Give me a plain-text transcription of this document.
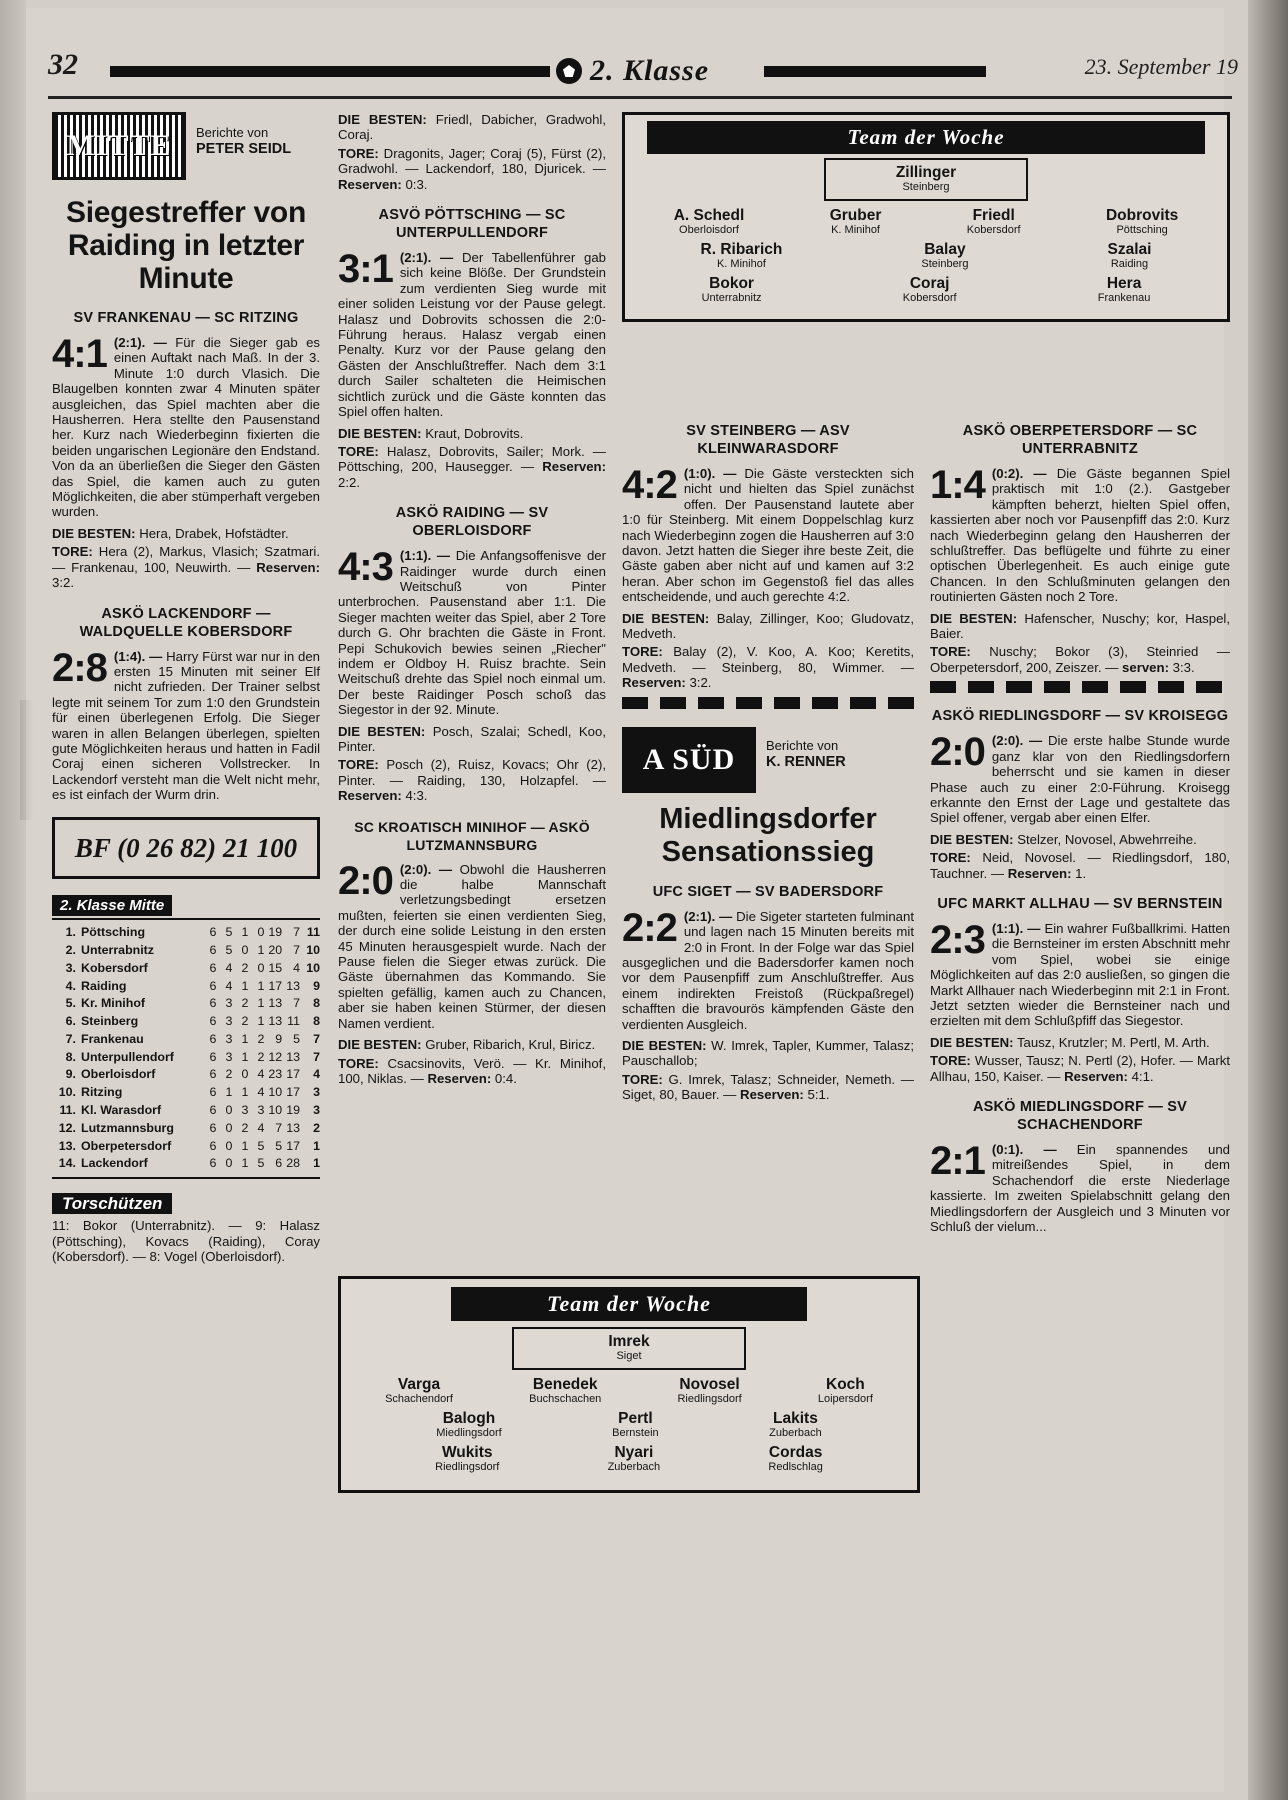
32	2. Klasse	23. September 19
MITTE Berichte von
PETER SEIDL
Siegestreffer von Raiding in letzter Minute
SV FRANKENAU — SC RITZING

4:1 (2:1). — Für die Sieger gab es einen Auftakt nach Maß. In der 3. Minute 1:0 durch Vlasich. Die Blaugelben konnten zwar 4 Minuten später ausgleichen, das Spiel machten aber die Hausherren. Hera stellte den Pausenstand her. Kurz nach Wiederbeginn fixierten die beiden ungarischen Legionäre den Endstand. Von da an überließen die Sieger den Gästen das Spiel, die kamen auch zu guten Möglichkeiten, die aber stümperhaft vergeben wurden.

DIE BESTEN: Hera, Drabek, Hofstädter.

TORE: Hera (2), Markus, Vlasich; Szatmari. — Frankenau, 100, Neuwirth. — Reserven: 3:2.

ASKÖ LACKENDORF — WALDQUELLE KOBERSDORF

2:8 (1:4). — Harry Fürst war nur in den ersten 15 Minuten mit seiner Elf nicht zufrieden. Der Trainer selbst legte mit seinem Tor zum 1:0 den Grundstein für einen überlegenen Erfolg. Die Sieger waren in allen Belangen überlegen, spielten gute Möglichkeiten heraus und hatten in Fadil Coraj einen sicheren Vollstrecker. In Lackendorf versteht man die Welt nicht mehr, es ist einfach der Wurm drin.

BF (0 26 82) 21 100
2. Klasse Mitte
1.	Pöttsching	6	5	1	0	19	7	11
2.	Unterrabnitz	6	5	0	1	20	7	10
3.	Kobersdorf	6	4	2	0	15	4	10
4.	Raiding	6	4	1	1	17	13	9
5.	Kr. Minihof	6	3	2	1	13	7	8
6.	Steinberg	6	3	2	1	13	11	8
7.	Frankenau	6	3	1	2	9	5	7
8.	Unterpullendorf	6	3	1	2	12	13	7
9.	Oberloisdorf	6	2	0	4	23	17	4
10.	Ritzing	6	1	1	4	10	17	3
11.	Kl. Warasdorf	6	0	3	3	10	19	3
12.	Lutzmannsburg	6	0	2	4	7	13	2
13.	Oberpetersdorf	6	0	1	5	5	17	1
14.	Lackendorf	6	0	1	5	6	28	1
Torschützen

11: Bokor (Unterrabnitz). — 9: Halasz (Pöttsching), Kovacs (Raiding), Coray (Kobersdorf). — 8: Vogel (Oberloisdorf).

DIE BESTEN: Friedl, Dabicher, Gradwohl, Coraj.

TORE: Dragonits, Jager; Coraj (5), Fürst (2), Gradwohl. — Lackendorf, 180, Djuricek. — Reserven: 0:3.

ASVÖ PÖTTSCHING — SC UNTERPULLENDORF

3:1 (2:1). — Der Tabellenführer gab sich keine Blöße. Der Grundstein zum verdienten Sieg wurde mit einer soliden Leistung vor der Pause gelegt. Halasz und Dobrovits schossen die 2:0-Führung heraus. Halasz vergab einen Penalty. Kurz vor der Pause gelang den Gästen der Anschlußtreffer. Nach dem 3:1 durch Sailer schalteten die Heimischen sichtlich zurück und die Gäste konnten das Spiel offen halten.

DIE BESTEN: Kraut, Dobrovits.

TORE: Halasz, Dobrovits, Sailer; Mork. — Pöttsching, 200, Hausegger. — Reserven: 2:2.

ASKÖ RAIDING — SV OBERLOISDORF

4:3 (1:1). — Die Anfangsoffenisve der Raidinger wurde durch einen Weitschuß von Pinter unterbrochen. Pausenstand aber 1:1. Die Sieger machten weiter das Spiel, aber 2 Tore durch G. Ohr brachten die Gäste in Front. Pepi Schukovich bewies seinen „Riecher" indem er Oldboy H. Ruisz brachte. Sein Weitschuß drehte das Spiel noch einmal um. Der beste Raidinger Posch schoß das Siegestor in der 92. Minute.

DIE BESTEN: Posch, Szalai; Schedl, Koo, Pinter.

TORE: Posch (2), Ruisz, Kovacs; Ohr (2), Pinter. — Raiding, 130, Holzapfel. — Reserven: 4:3.

SC KROATISCH MINIHOF — ASKÖ LUTZMANNSBURG

2:0 (2:0). — Obwohl die Hausherren die halbe Mannschaft verletzungsbedingt ersetzen mußten, feierten sie einen verdienten Sieg, der durch eine solide Leistung in den ersten 45 Minuten herausgespielt wurde. Nach der Pause fielen die Sieger etwas zurück. Die Gäste übernahmen das Kommando. Sie spielten gefällig, kamen auch zu Chancen, aber sie haben keinen Stürmer, der diesen Namen verdient.

DIE BESTEN: Gruber, Ribarich, Krul, Biricz.

TORE: Csacsinovits, Verö. — Kr. Minihof, 100, Niklas. — Reserven: 0:4.

Team der Woche
Zillinger
Steinberg
A. Schedl
Oberloisdorf
Gruber
K. Minihof
Friedl
Kobersdorf
Dobrovits
Pöttsching
R. Ribarich
K. Minihof
Balay
Steinberg
Szalai
Raiding
Bokor
Unterrabnitz
Coraj
Kobersdorf
Hera
Frankenau
SV STEINBERG — ASV KLEINWARASDORF

4:2 (1:0). — Die Gäste versteckten sich nicht und hielten das Spiel zunächst offen. Der Pausenstand lautete aber 1:0 für Steinberg. Mit einem Doppelschlag kurz nach Wiederbeginn zogen die Hausherren auf 3:0 davon. Jetzt hatten die Sieger ihre beste Zeit, die Gäste gaben aber nicht auf und kamen auf 3:2 heran. Aber schon im Gegenstoß fiel das alles entscheidende, und auch gerechte 4:2.

DIE BESTEN: Balay, Zillinger, Koo; Gludovatz, Medveth.

TORE: Balay (2), V. Koo, A. Koo; Keretits, Medveth. — Steinberg, 80, Wimmer. — Reserven: 3:2.

A SÜD Berichte von
K. RENNER
Miedlingsdorfer Sensationssieg
UFC SIGET — SV BADERSDORF

2:2 (2:1). — Die Sigeter starteten fulminant und lagen nach 15 Minuten bereits mit 2:0 in Front. In der Folge war das Spiel ausgeglichen und die Badersdorfer kamen noch vor dem Pausenpfiff zum Anschlußtreffer. Aus einem indirekten Freistoß (Rückpaßregel) schafften die bravourös kämpfenden Gäste den verdienten Ausgleich.

DIE BESTEN: W. Imrek, Tapler, Kummer, Talasz; Pauschallob;

TORE: G. Imrek, Talasz; Schneider, Nemeth. — Siget, 80, Bauer. — Reserven: 5:1.

ASKÖ OBERPETERSDORF — SC UNTERRABNITZ

1:4 (0:2). — Die Gäste begannen Spiel praktisch mit 1:0 (2.). Gastgeber kämpften beherzt, hielten Spiel offen, kassierten aber noch vor Pausenpfiff das 2:0. Kurz nach Wiederbeginn gelang den Hausherren der schlußtreffer. Das beflügelte und führte zu einer optischen Überlegenheit. Es auch einige gute Chancen. In den Schlußminuten gelangen den routinierten Gästen noch 2 Tore.

DIE BESTEN: Hafenscher, Nuschy; kor, Haspel, Baier.

TORE: Nuschy; Bokor (3), Steinried — Oberpetersdorf, 200, Zeiszer. — serven: 3:3.

ASKÖ RIEDLINGSDORF — SV KROISEGG

2:0 (2:0). — Die erste halbe Stunde wurde ganz klar von den Riedlingsdorfern beherrscht und sie kamen in dieser Phase auch zu einer 2:0-Führung. Kroisegg erkannte den Ernst der Lage und gestaltete das Spiel offener, vergab aber einen Elfer.

DIE BESTEN: Stelzer, Novosel, Abwehrreihe.

TORE: Neid, Novosel. — Riedlingsdorf, 180, Tauchner. — Reserven: 1.

UFC MARKT ALLHAU — SV BERNSTEIN

2:3 (1:1). — Ein wahrer Fußballkrimi. Hatten die Bernsteiner im ersten Abschnitt mehr vom Spiel, wobei sie einige Möglichkeiten auf das 2:0 ausließen, so gingen die Markt Allhauer nach Wiederbeginn mit 2:1 in Front. Jetzt setzten wieder die Bernsteiner nach und erzielten mit dem Schlußpfiff das Siegestor.

DIE BESTEN: Tausz, Krutzler; M. Pertl, M. Arth.

TORE: Wusser, Tausz; N. Pertl (2), Hofer. — Markt Allhau, 150, Kaiser. — Reserven: 4:1.

ASKÖ MIEDLINGSDORF — SV SCHACHENDORF

2:1 (0:1). — Ein spannendes und mitreißendes Spiel, in dem Schachendorf die erste Niederlage kassierte. Im zweiten Spielabschnitt gelang den Miedlingsdorfern der Ausgleich und 3 Minuten vor Schluß der vielum...

Team der Woche
Imrek
Siget
Varga
Schachendorf
Benedek
Buchschachen
Novosel
Riedlingsdorf
Koch
Loipersdorf
Balogh
Miedlingsdorf
Pertl
Bernstein
Lakits
Zuberbach
Wukits
Riedlingsdorf
Nyari
Zuberbach
Cordas
Redlschlag
